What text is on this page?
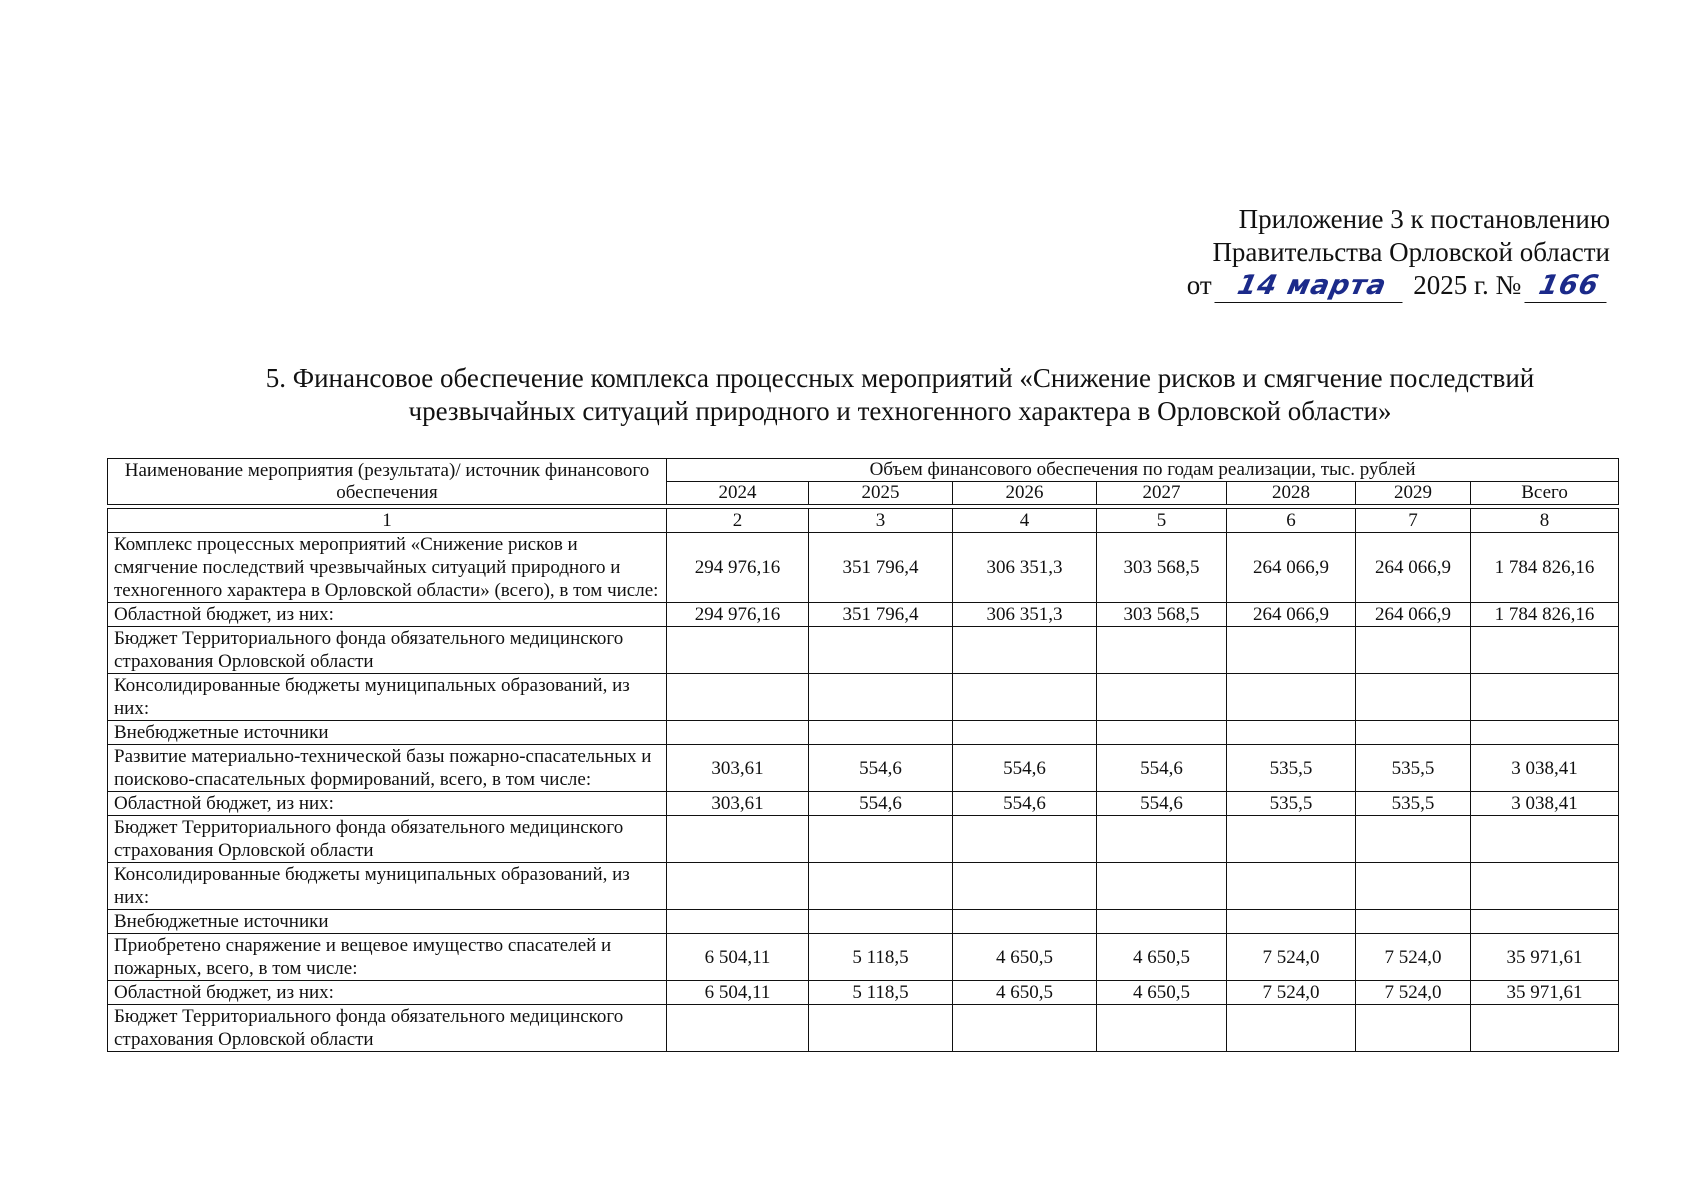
Приложение 3 к постановлению
Правительства Орловской области
от 14 марта 2025 г. № 166
5. Финансовое обеспечение комплекса процессных мероприятий «Снижение рисков и смягчение последствий
чрезвычайных ситуаций природного и техногенного характера в Орловской области»
Наименование мероприятия (результата)/ источник финансового обеспечения	Объем финансового обеспечения по годам реализации, тыс. рублей						
	2024	2025	2026	2027	2028	2029	Всего

1	2	3	4	5	6	7	8
Комплекс процессных мероприятий «Снижение рисков и смягчение последствий чрезвычайных ситуаций природного и техногенного характера в Орловской области» (всего), в том числе:	294 976,16	351 796,4	306 351,3	303 568,5	264 066,9	264 066,9	1 784 826,16
Областной бюджет, из них:	294 976,16	351 796,4	306 351,3	303 568,5	264 066,9	264 066,9	1 784 826,16
Бюджет Территориального фонда обязательного медицинского страхования Орловской области							
Консолидированные бюджеты муниципальных образований, из них:							
Внебюджетные источники							
Развитие материально-технической базы пожарно-спасательных и поисково-спасательных формирований, всего, в том числе:	303,61	554,6	554,6	554,6	535,5	535,5	3 038,41
Областной бюджет, из них:	303,61	554,6	554,6	554,6	535,5	535,5	3 038,41
Бюджет Территориального фонда обязательного медицинского страхования Орловской области							
Консолидированные бюджеты муниципальных образований, из них:							
Внебюджетные источники							
Приобретено снаряжение и вещевое имущество спасателей и пожарных, всего, в том числе:	6 504,11	5 118,5	4 650,5	4 650,5	7 524,0	7 524,0	35 971,61
Областной бюджет, из них:	6 504,11	5 118,5	4 650,5	4 650,5	7 524,0	7 524,0	35 971,61
Бюджет Территориального фонда обязательного медицинского страхования Орловской области							
